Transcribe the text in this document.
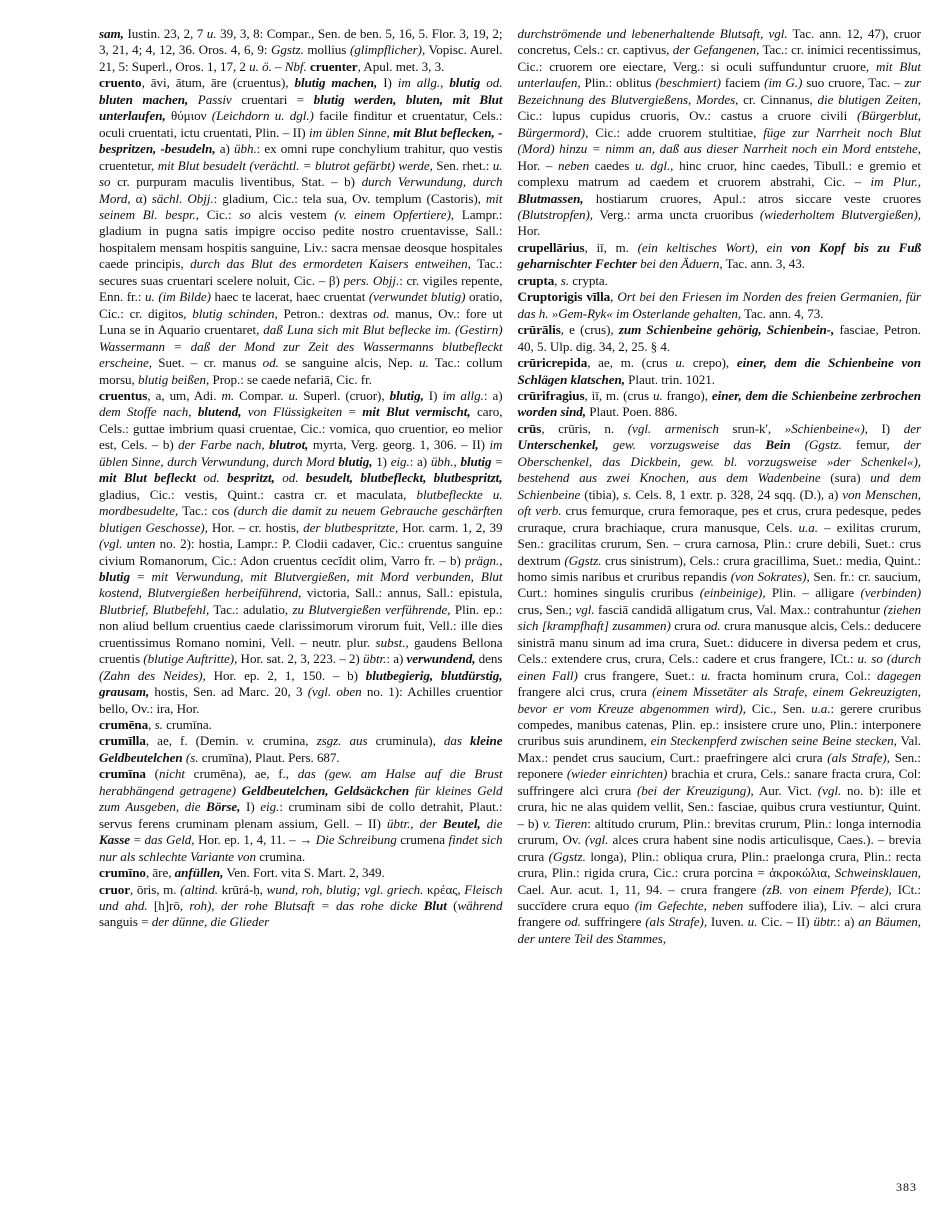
sam, Iustin. 23, 2, 7 u. 39, 3, 8: Compar., Sen. de ben. 5, 16, 5. Flor. 3, 19, 2; 3, 21, 4; 4, 12, 36. Oros. 4, 6, 9: Ggstz. mollius (glimpflicher), Vopisc. Aurel. 21, 5: Superl., Oros. 1, 17, 2 u. ö. – Nbf. cruenter, Apul. met. 3, 3.
cruento, āvi, ātum, āre (cruentus), blutig machen, I) im allg., blutig od. bluten machen, Passiv cruentari = blutig werden, bluten, mit Blut unterlaufen, θύμιον (Leichdorn u. dgl.) facile finditur et cruentatur, Cels.: oculi cruentati, ictu cruentati, Plin. – II) im üblen Sinne, mit Blut beflecken, -bespritzen, -besudeln, a) übh.: ex omni rupe conchylium trahitur, quo vestis cruentetur, mit Blut besudelt (verächtl. = blutrot gefärbt) werde, Sen. rhet.: u. so cr. purpuram maculis liventibus, Stat. – b) durch Verwundung, durch Mord, α) sächl. Objj.: gladium, Cic.: tela sua, Ov. templum (Castoris), mit seinem Bl. bespr., Cic.: so alcis vestem (v. einem Opfertiere), Lampr.: gladium in pugna satis impigre occiso pedite nostro cruentavisse, Sall.: hospitalem mensam hospitis sanguine, Liv.: sacra mensae deosque hospitales caede principis, durch das Blut des ermordeten Kaisers entweihen, Tac.: secures suas cruentari scelere noluit, Cic. – β) pers. Objj.: cr. vigiles repente, Enn. fr.: u. (im Bilde) haec te lacerat, haec cruentat (verwundet blutig) oratio, Cic.: cr. digitos, blutig schinden, Petron.: dextras od. manus, Ov.: fore ut Luna se in Aquario cruentaret, daß Luna sich mit Blut beflecke im. (Gestirn) Wassermann = daß der Mond zur Zeit des Wassermanns blutbefleckt erscheine, Suet. – cr. manus od. se sanguine alcis, Nep. u. Tac.: collum morsu, blutig beißen, Prop.: se caede nefariā, Cic. fr.
cruentus, a, um, Adi. m. Compar. u. Superl. (cruor), blutig, I) im allg.: a) dem Stoffe nach, blutend, von Flüssigkeiten = mit Blut vermischt, caro, Cels.: guttae imbrium quasi cruentae, Cic.: vomica, quo cruentior, eo melior est, Cels. – b) der Farbe nach, blutrot, myrta, Verg. georg. 1, 306. – II) im üblen Sinne, durch Verwundung, durch Mord blutig, 1) eig.: a) übh., blutig = mit Blut befleckt od. bespritzt, od. besudelt, blutbefleckt, blutbespritzt, gladius, Cic.: vestis, Quint.: castra cr. et maculata, blutbefleckte u. mordbesudelte, Tac.: cos (durch die damit zu neuem Gebrauche geschärften blutigen Geschosse), Hor. – cr. hostis, der blutbespritzte, Hor. carm. 1, 2, 39 (vgl. unten no. 2): hostia, Lampr.: P. Clodii cadaver, Cic.: cruentus sanguine civium Romanorum, Cic.: Adon cruentus cecĭdit olim, Varro fr. – b) prägn., blutig = mit Verwundung, mit Blutvergießen, mit Mord verbunden, Blut kostend, Blutvergießen herbeiführend, victoria, Sall.: annus, Sall.: epistula, Blutbrief, Blutbefehl, Tac.: adulatio, zu Blutvergießen verführende, Plin. ep.: non aliud bellum cruentius caede clarissimorum virorum fuit, Vell.: ille dies cruentissimus Romano nomini, Vell. – neutr. plur. subst., gaudens Bellona cruentis (blutige Auftritte), Hor. sat. 2, 3, 223. – 2) übtr.: a) verwundend, dens (Zahn des Neides), Hor. ep. 2, 1, 150. – b) blutbegierig, blutdürstig, grausam, hostis, Sen. ad Marc. 20, 3 (vgl. oben no. 1): Achilles cruentior bello, Ov.: ira, Hor.
crumēna, s. crumīna.
crumīlla, ae, f. (Demin. v. crumina, zsgz. aus cruminula), das kleine Geldbeutelchen (s. crumīna), Plaut. Pers. 687.
crumīna (nicht crumēna), ae, f., das (gew. am Halse auf die Brust herabhängend getragene) Geldbeutelchen, Geldsäckchen für kleines Geld zum Ausgeben, die Börse, I) eig.: cruminam sibi de collo detrahit, Plaut.: servus ferens cruminam plenam assium, Gell. – II) übtr., der Beutel, die Kasse = das Geld, Hor. ep. 1, 4, 11. – → Die Schreibung crumena findet sich nur als schlechte Variante von crumina.
crumīno, āre, anfüllen, Ven. Fort. vita S. Mart. 2, 349.
cruor, ōris, m. (altind. krūrá-ḥ, wund, roh, blutig; vgl. griech. κρέας, Fleisch und ahd. [h]rō, roh), der rohe Blutsaft = das rohe dicke Blut (während sanguis = der dünne, die Glieder
durchströmende und lebenerhaltende Blutsaft, vgl. Tac. ann. 12, 47), cruor concretus, Cels.: cr. captivus, der Gefangenen, Tac.: cr. inimici recentissimus, Cic.: cruorem ore eiectare, Verg.: si oculi suffunduntur cruore, mit Blut unterlaufen, Plin.: oblitus (beschmiert) faciem (im G.) suo cruore, Tac. – zur Bezeichnung des Blutvergießens, Mordes, cr. Cinnanus, die blutigen Zeiten, Cic.: lupus cupidus cruoris, Ov.: castus a cruore civili (Bürgerblut, Bürgermord), Cic.: adde cruorem stultitiae, füge zur Narrheit noch Blut (Mord) hinzu = nimm an, daß aus dieser Narrheit noch ein Mord entstehe, Hor. – neben caedes u. dgl., hinc cruor, hinc caedes, Tibull.: e gremio et complexu matrum ad caedem et cruorem abstrahi, Cic. – im Plur., Blutmassen, hostiarum cruores, Apul.: atros siccare veste cruores (Blutstropfen), Verg.: arma uncta cruoribus (wiederholtem Blutvergießen), Hor.
crupellārius, iī, m. (ein keltisches Wort), ein von Kopf bis zu Fuß geharnischter Fechter bei den Äduern, Tac. ann. 3, 43.
crupta, s. crypta.
Cruptorigis vīlla, Ort bei den Friesen im Norden des freien Germanien, für das h. »Gem-Ryk« im Osterlande gehalten, Tac. ann. 4, 73.
crūrālis, e (crus), zum Schienbeine gehörig, Schienbein-, fasciae, Petron. 40, 5. Ulp. dig. 34, 2, 25. § 4.
crūricrepida, ae, m. (crus u. crepo), einer, dem die Schienbeine von Schlägen klatschen, Plaut. trin. 1021.
crūrifragius, iī, m. (crus u. frango), einer, dem die Schienbeine zerbrochen worden sind, Plaut. Poen. 886.
crūs, crūris, n. (vgl. armenisch srun-k', »Schienbeine«), I) der Unterschenkel, gew. vorzugsweise das Bein (Ggstz. femur, der Oberschenkel, das Dickbein, gew. bl. vorzugsweise »der Schenkel«), bestehend aus zwei Knochen, aus dem Wadenbeine (sura) und dem Schienbeine (tibia), s. Cels. 8, 1 extr. p. 328, 24 sqq. (D.), a) von Menschen, oft verb. crus femurque, crura femoraque, pes et crus, crura pedesque, pedes cruraque, crura brachiaque, crura manusque, Cels. u.a. – exilitas crurum, Sen.: gracilitas crurum, Sen. – crura carnosa, Plin.: crure debili, Suet.: crus dextrum (Ggstz. crus sinistrum), Cels.: crura gracillima, Suet.: media, Quint.: homo simis naribus et cruribus repandis (von Sokrates), Sen. fr.: cr. saucium, Curt.: homines singulis cruribus (einbeinige), Plin. – alligare (verbinden) crus, Sen.; vgl. fasciā candidā alligatum crus, Val. Max.: contrahuntur (ziehen sich [krampfhaft] zusammen) crura od. crura manusque alcis, Cels.: deducere sinistrā manu sinum ad ima crura, Suet.: diducere in diversa pedem et crus, Cels.: extendere crus, crura, Cels.: cadere et crus frangere, ICt.: u. so (durch einen Fall) crus frangere, Suet.: u. fracta hominum crura, Col.: dagegen frangere alci crus, crura (einem Missetäter als Strafe, einem Gekreuzigten, bevor er vom Kreuze abgenommen wird), Cic., Sen. u.a.: gerere cruribus compedes, manibus catenas, Plin. ep.: insistere crure uno, Plin.: interponere cruribus suis arundinem, ein Steckenpferd zwischen seine Beine stecken, Val. Max.: pendet crus saucium, Curt.: praefringere alci crura (als Strafe), Sen.: reponere (wieder einrichten) brachia et crura, Cels.: sanare fracta crura, Col: suffringere alci crura (bei der Kreuzigung), Aur. Vict. (vgl. no. b): ille et crura, hic ne alas quidem vellit, Sen.: fasciae, quibus crura vestiuntur, Quint. – b) v. Tieren: altitudo crurum, Plin.: brevitas crurum, Plin.: longa internodia crurum, Ov. (vgl. alces crura habent sine nodis articulisque, Caes.). – brevia crura (Ggstz. longa), Plin.: obliqua crura, Plin.: praelonga crura, Plin.: recta crura, Plin.: rigida crura, Cic.: crura porcina = ἀκροκώλια, Schweinsklauen, Cael. Aur. acut. 1, 11, 94. – crura frangere (zB. von einem Pferde), ICt.: succīdere crura equo (im Gefechte, neben suffodere ilia), Liv. – alci crura frangere od. suffringere (als Strafe), Iuven. u. Cic. – II) übtr.: a) an Bäumen, der untere Teil des Stammes,
383
